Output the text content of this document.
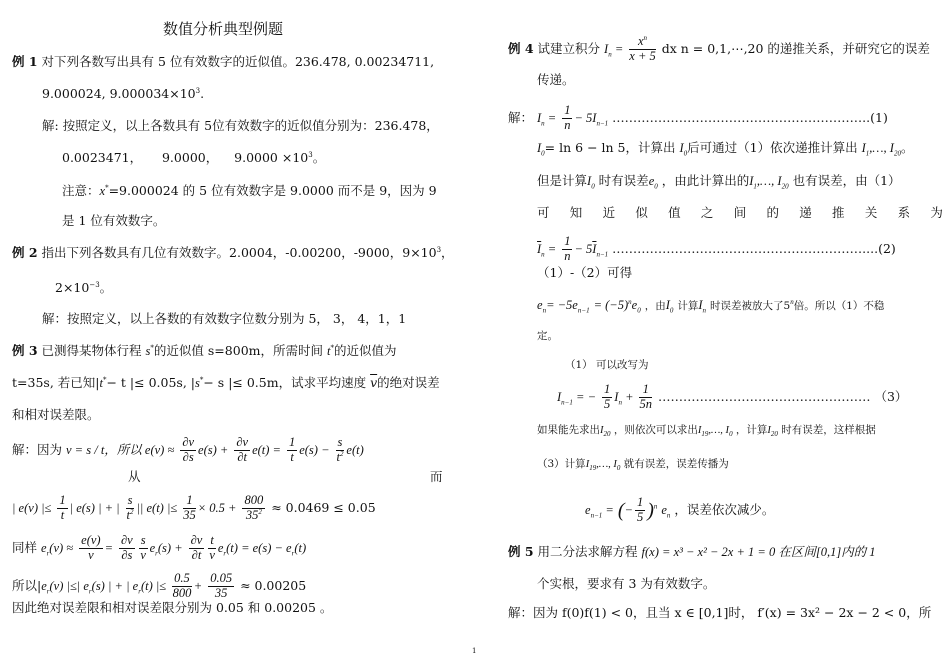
数值分析典型例题
例 1 对下列各数写出具有 5 位有效数字的近似值。236.478, 0.00234711,
9.000024, $9.000034\times 10^3$.
解: 按照定义，以上各数具有 5位有效数字的近似值分别为：236.478，
0.0023471， 9.0000， $9.0000 \times 10^3$。
注意：x*=9.000024 的 5 位有效数字是 9.0000 而不是 9，因为 9
是 1 位有效数字。
例 2 指出下列各数具有几位有效数字。2.0004，-0.00200，-9000，$9\times 10^3$，
$2\times 10^{-3}$。
解：按照定义，以上各数的有效数字位数分别为 5， 3， 4，1，1
例 3 已测得某物体行程 s*的近似值 s=800m，所需时间 t*的近似值为
t=35s, 若已知|t*− t |≤ 0.05s, |s*− s |≤ 0.5m，试求平均速度 $\overline{v}$的绝对误差
和相对误差限。
解：因为 v = s / t，所以 $e(v) \approx \frac{\partial v}{\partial s} e(s) + \frac{\partial v}{\partial t} e(t) = \frac{1}{t} e(s) - \frac{s}{t^2} e(t)$
从	而
| e(v) |≤ $\frac{1}{t}$ | e(s) | + | $\frac{s}{t^2}$ || e(t) |≤ $\frac{1}{35} \times 0.5 + \frac{800}{35^2} \approx 0.0469 \le 0.05$
同样 $e_r(v) \approx \frac{e(v)}{v} = \frac{\partial v}{\partial s} \frac{s}{v} e_r(s) + \frac{\partial v}{\partial t} \frac{t}{v} e_r(t) = e(s) - e_r(t)$
所以$|e_r(v)$ |≤| $e_r(s)$ | + | $e_r(t)$ |≤ $\frac{0.5}{800} + \frac{0.05}{35} \approx 0.00205$
因此绝对误差限和相对误差限分别为 0.05 和 0.00205 。
例 4 试建立积分 $I_n = \frac{x^n}{x + 5}$ dx n = 0,1,⋯,20 的递推关系，并研究它的误差
传递。
解： $I_n = \frac{1}{n} - 5I_{n-1}$ ……………………………………………………..(1)
$I_0= \ln 6 - \ln 5$，计算出 $I_0$后可通过（1）依次递推计算出 $I_1,\dots$, $I_{20}$。
但是计算$I_0$ 时有误差$e_0$ ，由此计算出的$I_1,\dots$, $I_{20}$ 也有误差，由（1）
可 知 近 似 值 之 间 的 递 推 关 系 为
$\overline{I}_n = \frac{1}{n} - 5\overline{I}_{n-1}$ ……………………………………………………....(2)
（1）-（2）可得
$e_n= -5e_{n-1} = (-5)^ne_0$ ，由$I_0$ 计算$I_n$ 时误差被放大了5$^n$倍。所以（1）不稳
定。
（1） 可以改写为
$I_{n-1}$ = − $\frac{1}{5} I_n + \frac{1}{5n}$ …………………………………………… （3）
如果能先求出$I_{20}$ ，则依次可以求出$I_{19},\dots$, $I_0$ ，计算$I_{20}$ 时有误差，这样根据
（3）计算$I_{19},\dots$, $I_0$ 就有误差，误差传播为
$e_{n-1}$ = (− $\frac{1}{5} )^n$ $e_n$ ，误差依次减少。
例 5 用二分法求解方程 f(x) = x³ − x² − 2x + 1 = 0 在区间[0,1]内的 1
个实根，要求有 3 为有效数字。
解：因为 f(0)f(1) < 0，且当 x ∈ [0,1]时， f′(x) = 3x² − 2x − 2 < 0，所
1
